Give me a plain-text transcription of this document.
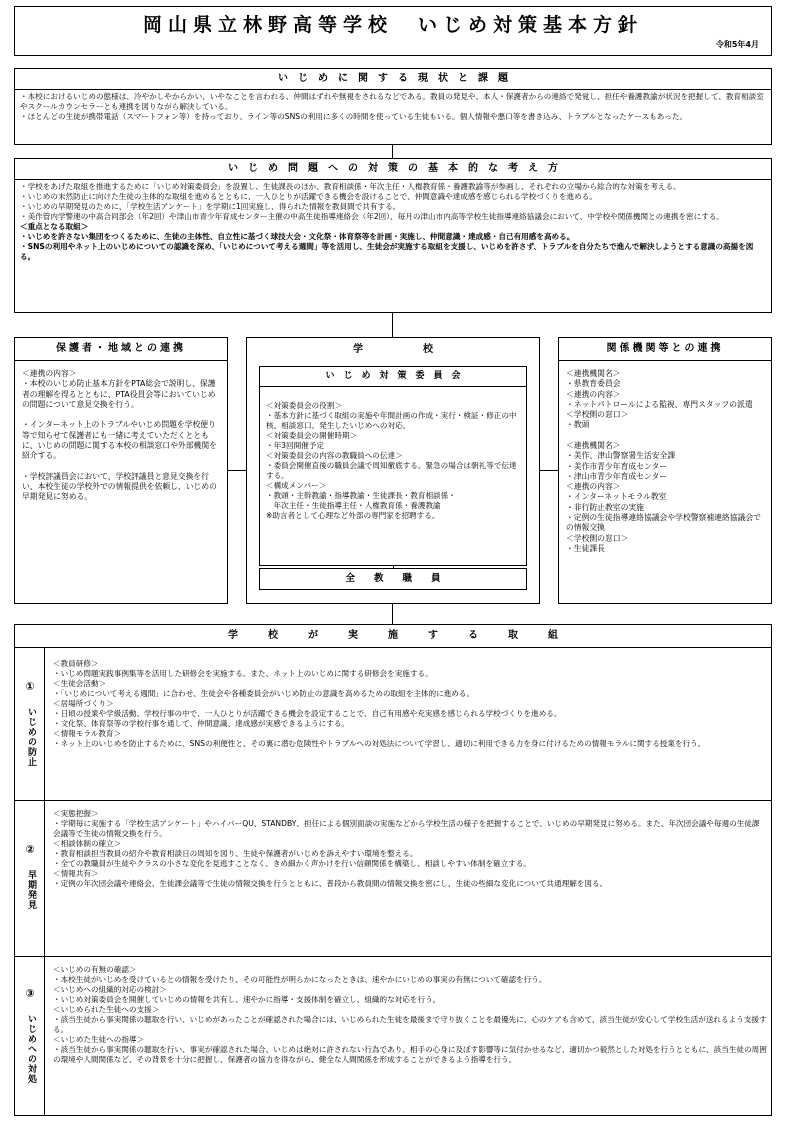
岡山県立林野高等学校　いじめ対策基本方針
令和5年4月
い　じ　め　に　関　す　る　現　状　と　課　題
・本校におけるいじめの態様は、冷やかしやからかい、いやなことを言われる、仲間はずれや無視をされるなどである。教員の発見や、本人・保護者からの連絡で発覚し、担任や養護教諭が状況を把握して、教育相談室やスクールカウンセラーとも連携を図りながら解決している。
・ほとんどの生徒が携帯電話（スマートフォン等）を持っており、ライン等のSNSの利用に多くの時間を使っている生徒もいる。個人情報や悪口等を書き込み、トラブルとなったケースもあった。
い　じ　め　問　題　へ　の　対　策　の　基　本　的　な　考　え　方
・学校をあげた取組を推進するために「いじめ対策委員会」を設置し、生徒課長のほか、教育相談係・年次主任・人権教育係・養護教諭等が参画し、それぞれの立場から総合的な対策を考える。
・いじめの未然防止に向けた生徒の主体的な取組を進めるとともに、一人ひとりが活躍できる機会を設けることで、仲間意識や達成感を感じられる学校づくりを進める。
・いじめの早期発見のために、「学校生活アンケート」を学期に1回実施し、得られた情報を教員間で共有する。
・美作管内学警連の中高合同部会（年2回）や津山市青少年育成センター主催の中高生徒指導連絡会（年2回）、毎月の津山市内高等学校生徒指導連絡協議会において、中学校や関係機関との連携を密にする。
＜重点となる取組＞
・いじめを許さない集団をつくるために、生徒の主体性、自立性に基づく球技大会・文化祭・体育祭等を計画・実施し、仲間意識・達成感・自己有用感を高める。
・SNSの利用やネット上のいじめについての認識を深め、「いじめについて考える週間」等を活用し、生徒会が実施する取組を支援し、いじめを許さず、トラブルを自分たちで進んで解決しようとする意識の高揚を図る。
保護者・地域との連携
＜連携の内容＞
・本校のいじめ防止基本方針をPTA総会で説明し、保護者の理解を得るとともに、PTA役員会等においていじめの問題について意見交換を行う。

・インターネット上のトラブルやいじめ問題を学校便り等で知らせて保護者にも一緒に考えていただくとともに、いじめの問題に関する本校の相談窓口や外部機関を紹介する。

・学校評議員会において、学校評議員と意見交換を行い、本校生徒の学校外での情報提供を依頼し、いじめの早期発見に努める。
学　　　　　　校
い　じ　め　対　策　委　員　会
＜対策委員会の役割＞
・基本方針に基づく取組の実施や年間計画の作成・実行・検証・修正の中核、相談窓口、発生したいじめへの対応。
＜対策委員会の開催時期＞
・年3回開催予定
＜対策委員会の内容の教職員への伝達＞
・委員会開催直後の職員会議で周知徹底する。緊急の場合は朝礼等で伝達する。
＜構成メンバー＞
・教頭・主幹教諭・指導教諭・生徒課長・教育相談係・
　年次主任・生徒指導主任・人権教育係・養護教諭
※助言者として心理など外部の専門家を招聘する。
全　　教　　職　　員
関係機関等との連携
＜連携機関名＞
・県教育委員会
＜連携の内容＞
・ネットパトロールによる監視、専門スタッフの派遣
＜学校側の窓口＞
・教頭

＜連携機関名＞
・美作、津山警察署生活安全課
・美作市青少年育成センター
・津山市青少年育成センター
＜連携の内容＞
・インターネットモラル教室
・非行防止教室の実施
・定例の生徒指導連絡協議会や学校警察補連絡協議会での情報交換
＜学校側の窓口＞
・生徒課長
学　　　校　　　が　　　実　　　施　　　す　　　る　　　取　　　組
①
いじめの防止
＜教員研修＞
・いじめ問題実践事例集等を活用した研修会を実施する。また、ネット上のいじめに関する研修会を実施する。
＜生徒会活動＞
・「いじめについて考える週間」に合わせ、生徒会や各種委員会がいじめ防止の意識を高めるための取組を主体的に進める。
＜居場所づくり＞
・日頃の授業や学級活動、学校行事の中で、一人ひとりが活躍できる機会を設定することで、自己有用感や充実感を感じられる学校づくりを進める。
・文化祭、体育祭等の学校行事を通して、仲間意識、達成感が実感できるようにする。
＜情報モラル教育＞
・ネット上のいじめを防止するために、SNSの利便性と、その裏に潜む危険性やトラブルへの対処法について学習し、適切に利用できる力を身に付けるための情報モラルに関する授業を行う。
②
早期発見
＜実態把握＞
・学期毎に実施する「学校生活アンケート」やハイパーQU、STANDBY、担任による個別面談の実施などから学校生活の様子を把握することで、いじめの早期発見に努める。また、年次団会議や毎週の生徒課会議等で生徒の情報交換を行う。
＜相談体制の確立＞
・教育相談担当教員の紹介や教育相談日の周知を図り、生徒や保護者がいじめを訴えやすい環境を整える。
・全ての教職員が生徒やクラスの小さな変化を見逃すことなく、きめ細かく声かけを行い信頼関係を構築し、相談しやすい体制を確立する。
＜情報共有＞
・定例の年次団会議や連絡会、生徒課会議等で生徒の情報交換を行うとともに、普段から教員間の情報交換を密にし、生徒の些細な変化について共通理解を図る。
③
いじめへの対処
＜いじめの有無の確認＞
・本校生徒がいじめを受けているとの情報を受けたり、その可能性が明らかになったときは、速やかにいじめの事実の有無について確認を行う。
＜いじめへの組織的対応の検討＞
・いじめ対策委員会を開催していじめの情報を共有し、速やかに指導・支援体制を確立し、組織的な対応を行う。
＜いじめられた生徒への支援＞
・該当生徒から事実関係の聴取を行い、いじめがあったことが確認された場合には、いじめられた生徒を最後まで守り抜くことを最優先に、心のケアも含めて、該当生徒が安心して学校生活が送れるよう支援する。
＜いじめた生徒への指導＞
・該当生徒から事実関係の聴取を行い、事実が確認された場合、いじめは絶対に許されない行為であり、相手の心身に及ぼす影響等に気付かせるなど、適切かつ毅然とした対処を行うとともに、該当生徒の周囲の環境や人間関係など、その背景を十分に把握し、保護者の協力を得ながら、健全な人間関係を形成することができるよう指導を行う。
